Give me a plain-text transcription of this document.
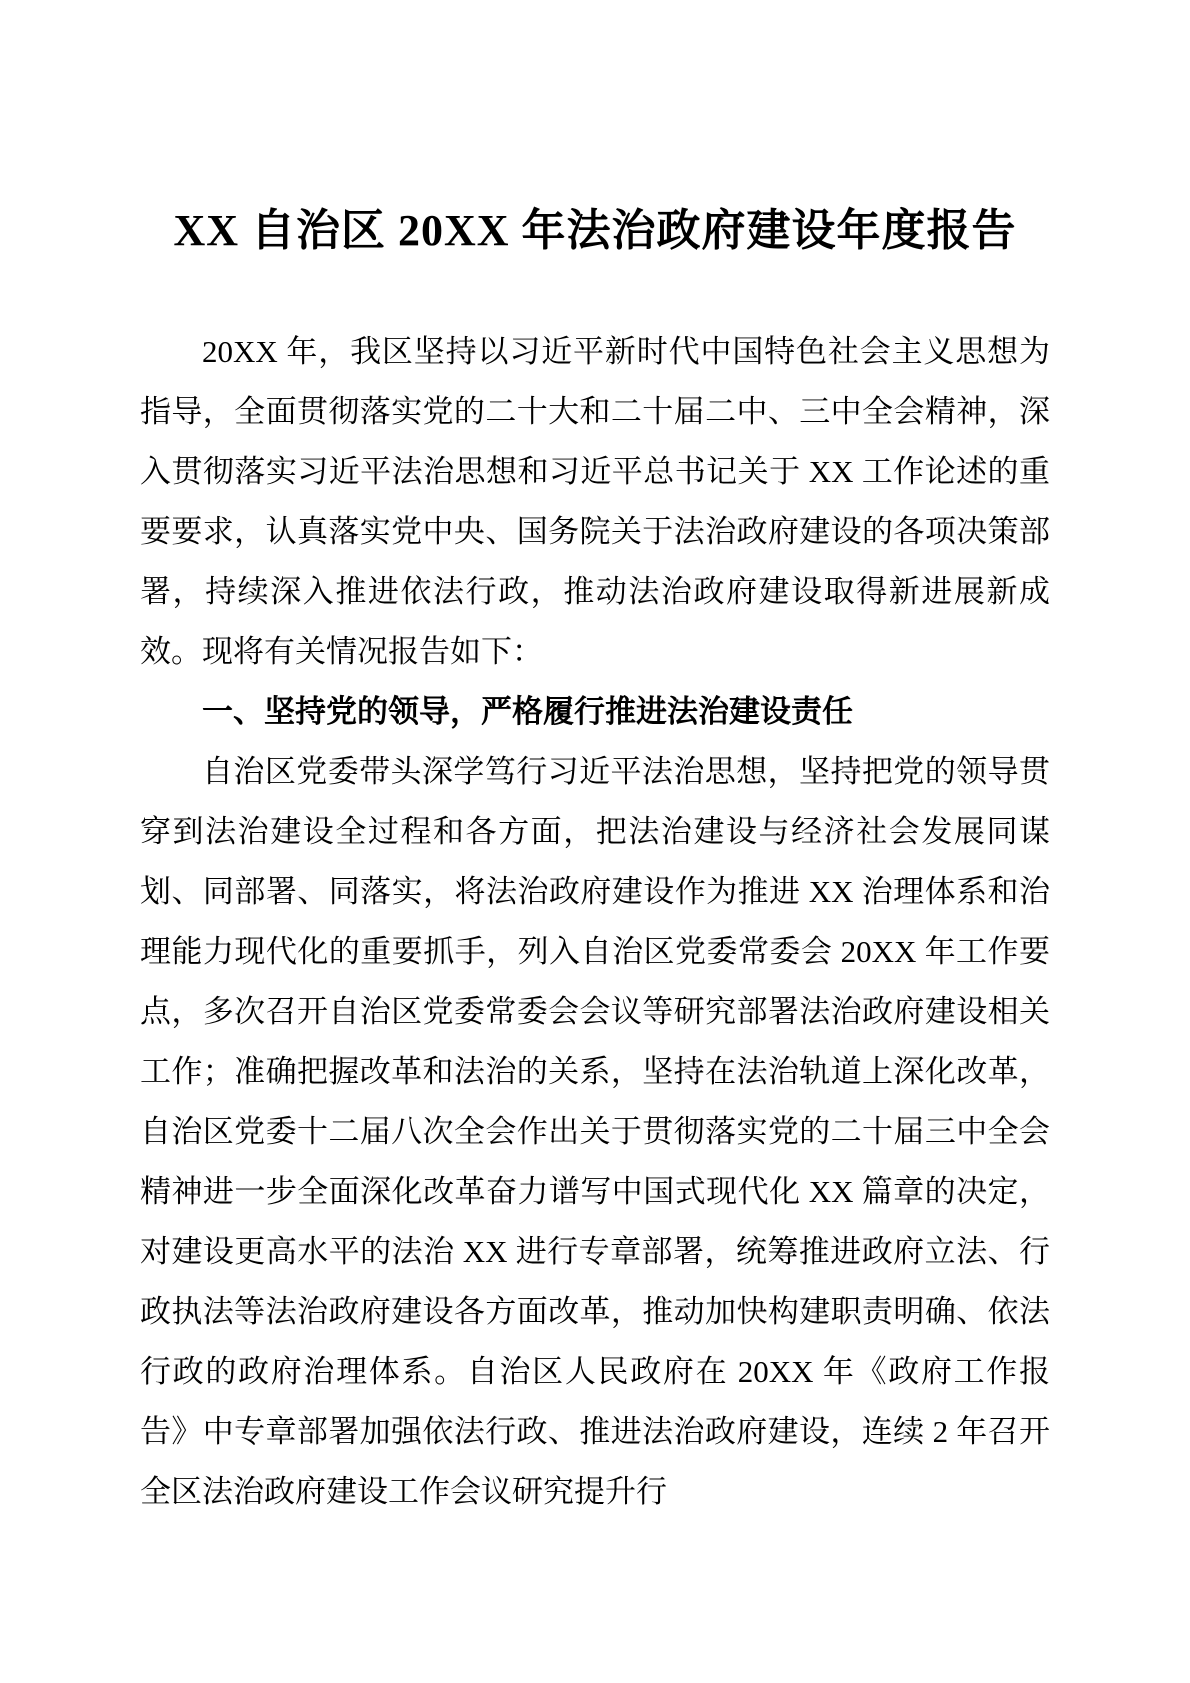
XX 自治区 20XX 年法治政府建设年度报告

20XX 年，我区坚持以习近平新时代中国特色社会主义思想为指导，全面贯彻落实党的二十大和二十届二中、三中全会精神，深入贯彻落实习近平法治思想和习近平总书记关于 XX 工作论述的重要要求，认真落实党中央、国务院关于法治政府建设的各项决策部署，持续深入推进依法行政，推动法治政府建设取得新进展新成效。现将有关情况报告如下：

一、坚持党的领导，严格履行推进法治建设责任

自治区党委带头深学笃行习近平法治思想，坚持把党的领导贯穿到法治建设全过程和各方面，把法治建设与经济社会发展同谋划、同部署、同落实，将法治政府建设作为推进 XX 治理体系和治理能力现代化的重要抓手，列入自治区党委常委会 20XX 年工作要点，多次召开自治区党委常委会会议等研究部署法治政府建设相关工作；准确把握改革和法治的关系，坚持在法治轨道上深化改革，自治区党委十二届八次全会作出关于贯彻落实党的二十届三中全会精神进一步全面深化改革奋力谱写中国式现代化 XX 篇章的决定，对建设更高水平的法治 XX 进行专章部署，统筹推进政府立法、行政执法等法治政府建设各方面改革，推动加快构建职责明确、依法行政的政府治理体系。自治区人民政府在 20XX 年《政府工作报告》中专章部署加强依法行政、推进法治政府建设，连续 2 年召开全区法治政府建设工作会议研究提升行
